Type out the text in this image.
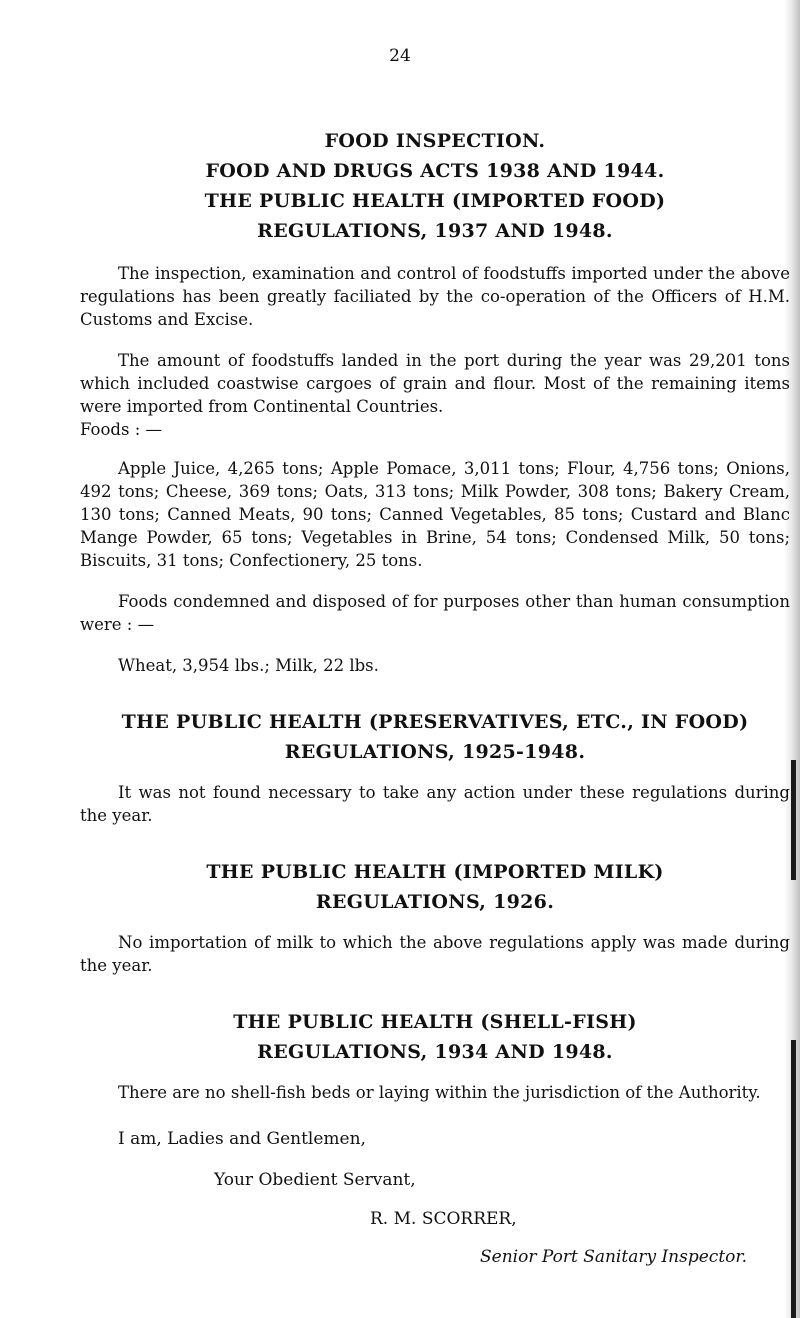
24
FOOD INSPECTION.
FOOD AND DRUGS ACTS 1938 AND 1944.
THE PUBLIC HEALTH (IMPORTED FOOD)
REGULATIONS, 1937 AND 1948.

The inspection, examination and control of foodstuffs imported under the above regulations has been greatly faciliated by the co-operation of the Officers of H.M. Customs and Excise.

The amount of foodstuffs landed in the port during the year was 29,201 tons which included coastwise cargoes of grain and flour. Most of the remaining items were imported from Continental Countries.

Foods : —

Apple Juice, 4,265 tons; Apple Pomace, 3,011 tons; Flour, 4,756 tons; Onions, 492 tons; Cheese, 369 tons; Oats, 313 tons; Milk Powder, 308 tons; Bakery Cream, 130 tons; Canned Meats, 90 tons; Canned Vegetables, 85 tons; Custard and Blanc Mange Powder, 65 tons; Vegetables in Brine, 54 tons; Condensed Milk, 50 tons; Biscuits, 31 tons; Confectionery, 25 tons.

Foods condemned and disposed of for purposes other than human consumption were : —

Wheat, 3,954 lbs.; Milk, 22 lbs.

THE PUBLIC HEALTH (PRESERVATIVES, ETC., IN FOOD)
REGULATIONS, 1925-1948.

It was not found necessary to take any action under these regulations during the year.

THE PUBLIC HEALTH (IMPORTED MILK)
REGULATIONS, 1926.

No importation of milk to which the above regulations apply was made during the year.

THE PUBLIC HEALTH (SHELL-FISH)
REGULATIONS, 1934 AND 1948.

There are no shell-fish beds or laying within the jurisdiction of the Authority.

I am, Ladies and Gentlemen,
Your Obedient Servant,
R. M. SCORRER,
Senior Port Sanitary Inspector.
